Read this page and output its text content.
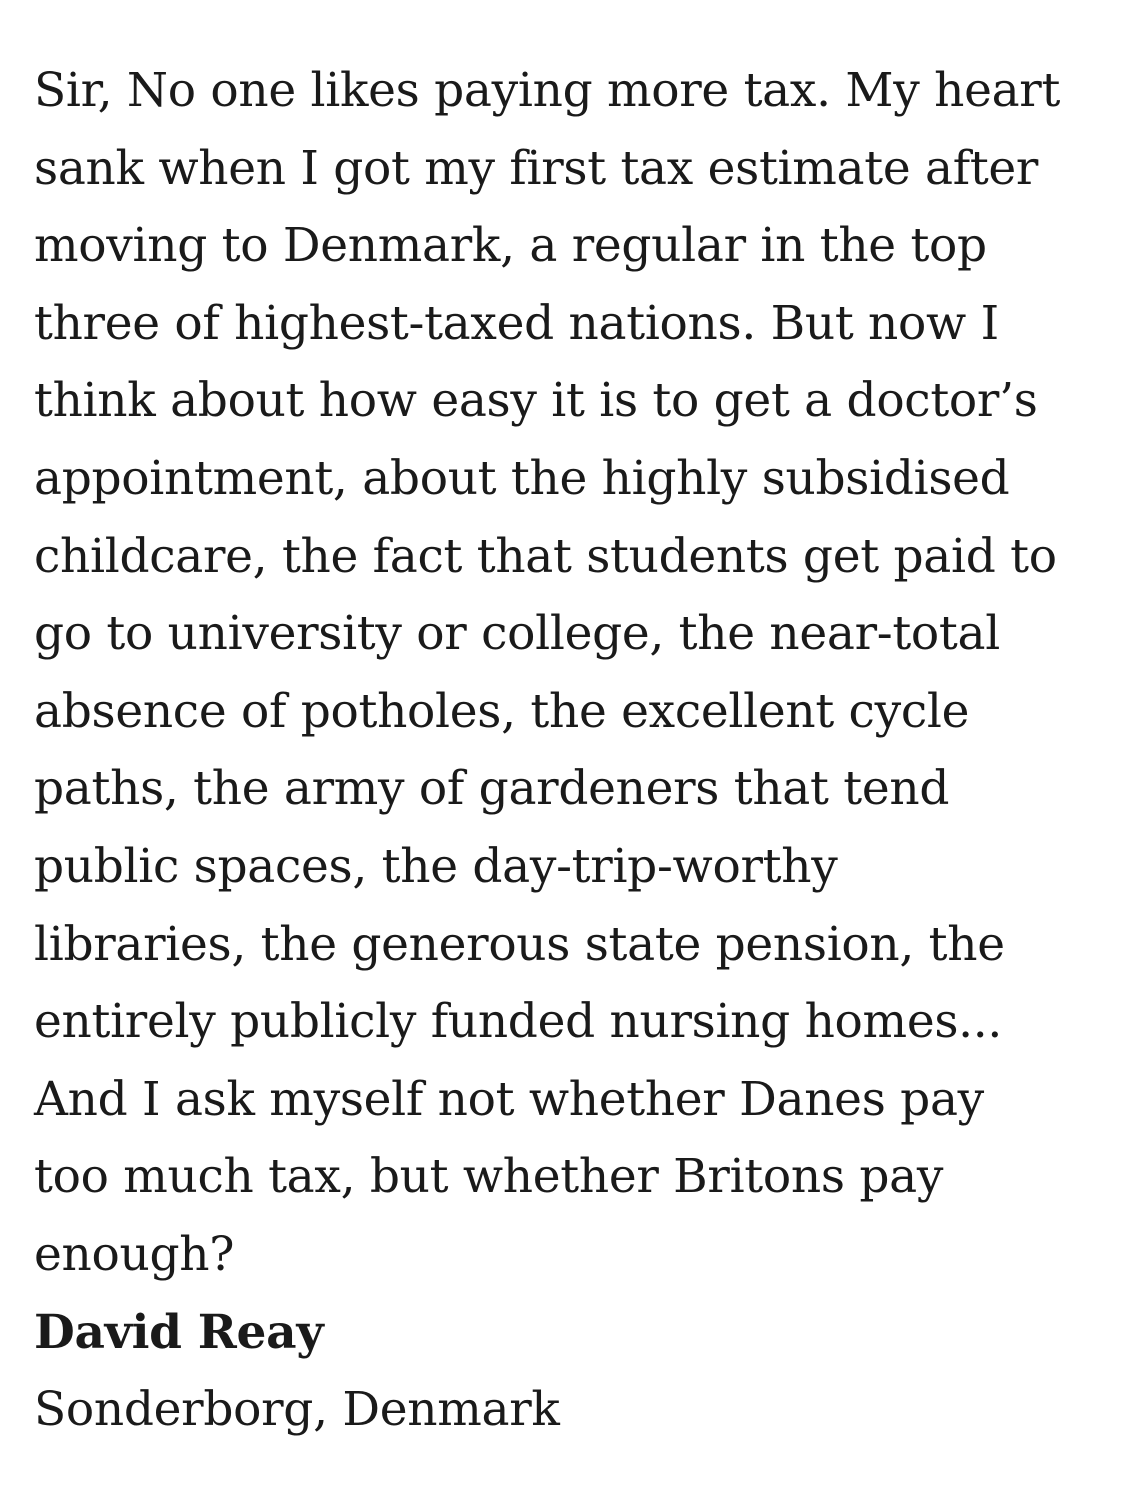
Sir, No one likes paying more tax. My heart
sank when I got my first tax estimate after
moving to Denmark, a regular in the top
three of highest-taxed nations. But now I
think about how easy it is to get a doctor’s
appointment, about the highly subsidised
childcare, the fact that students get paid to
go to university or college, the near-total
absence of potholes, the excellent cycle
paths, the army of gardeners that tend
public spaces, the day-trip-worthy
libraries, the generous state pension, the
entirely publicly funded nursing homes...
And I ask myself not whether Danes pay
too much tax, but whether Britons pay
enough?
David Reay
Sonderborg, Denmark
